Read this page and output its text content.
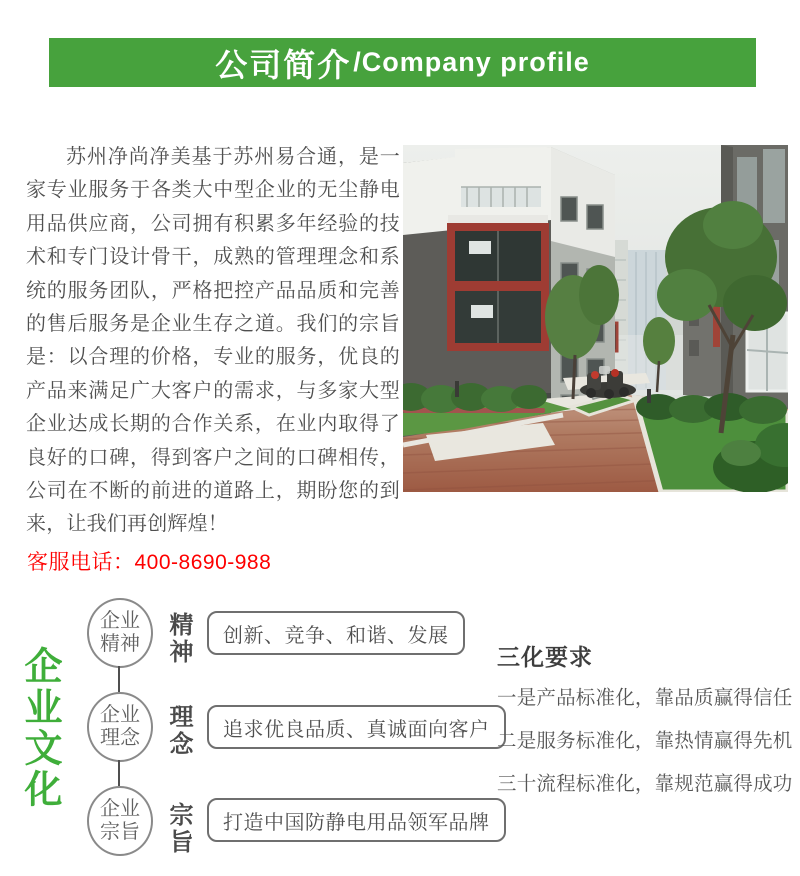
公司简介 /Company profile
苏州净尚净美基于苏州易合通，是一家专业服务于各类大中型企业的无尘静电用品供应商，公司拥有积累多年经验的技术和专门设计骨干，成熟的管理理念和系统的服务团队，严格把控产品品质和完善的售后服务是企业生存之道。我们的宗旨是：以合理的价格，专业的服务，优良的产品来满足广大客户的需求，与多家大型企业达成长期的合作关系，在业内取得了良好的口碑，得到客户之间的口碑相传，公司在不断的前进的道路上，期盼您的到来，让我们再创辉煌！
客服电话：400-8690-988
企业文化
企业
精神
企业
理念
企业
宗旨
精神
理念
宗旨
创新、竞争、和谐、发展
追求优良品质、真诚面向客户
打造中国防静电用品领军品牌
三化要求
一是产品标准化，靠品质赢得信任
二是服务标准化，靠热情赢得先机
三十流程标准化，靠规范赢得成功
